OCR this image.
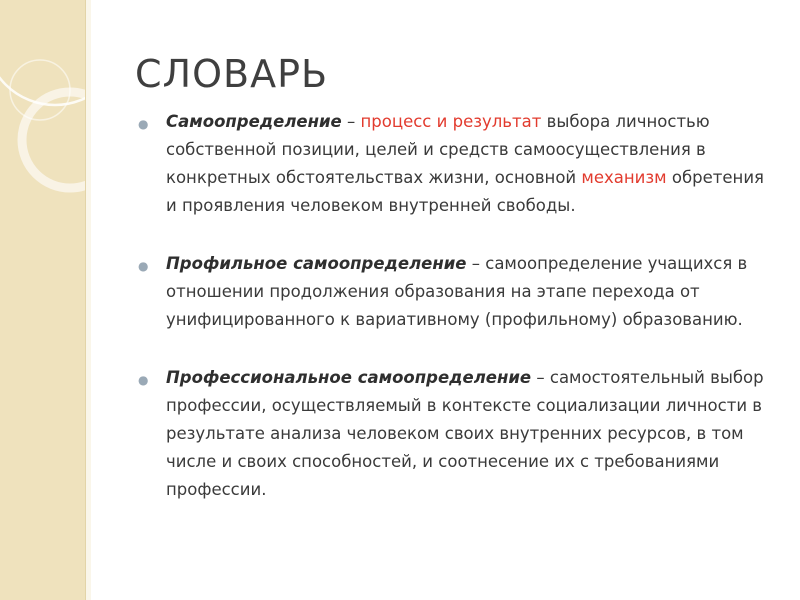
СЛОВАРЬ
● Самоопределение – процесс и результат выбора личностью собственной позиции, целей и средств самоосуществления в конкретных обстоятельствах жизни, основной механизм обретения и проявления человеком внутренней свободы.
● Профильное самоопределение – самоопределение учащихся в отношении продолжения образования на этапе перехода от унифицированного к вариативному (профильному) образованию.
● Профессиональное самоопределение – самостоятельный выбор профессии, осуществляемый в контексте социализации личности в результате анализа человеком своих внутренних ресурсов, в том числе и своих способностей, и соотнесение их с требованиями профессии.
